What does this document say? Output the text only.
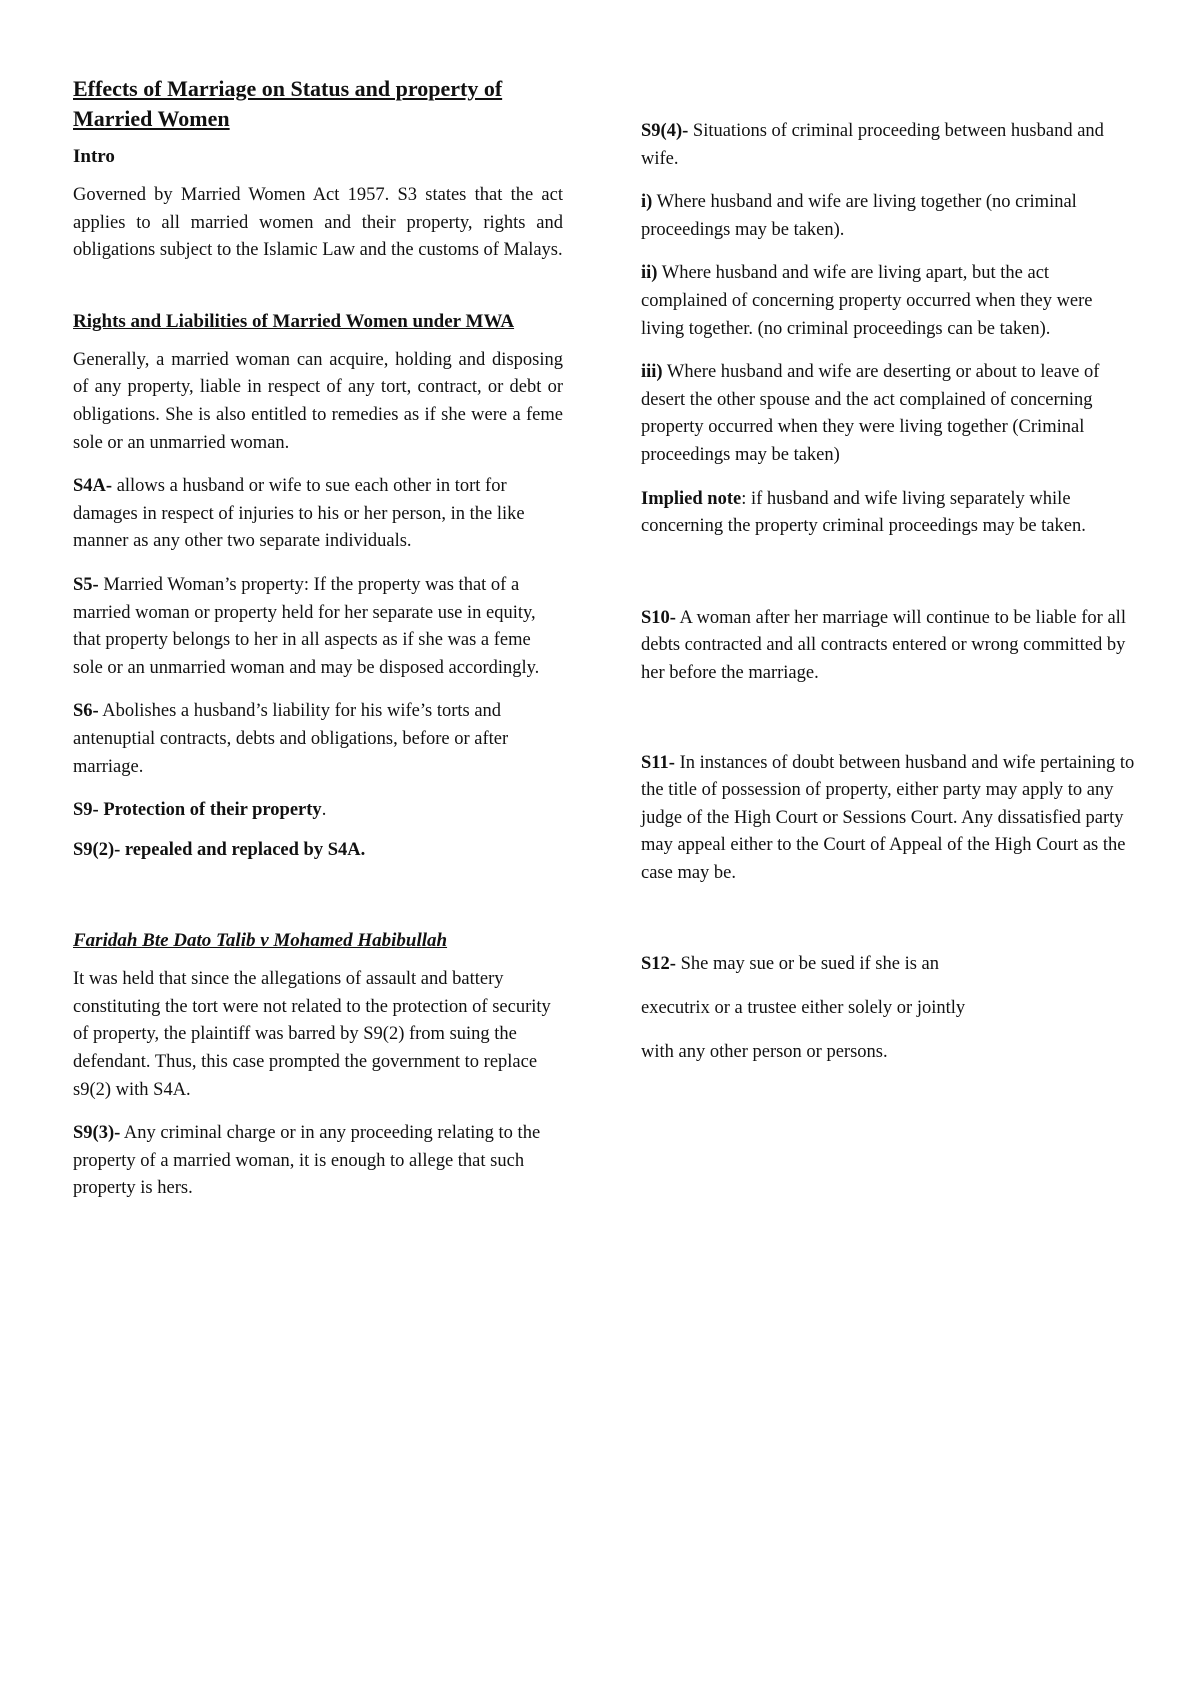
Effects of Marriage on Status and property of Married Women
Intro

Governed by Married Women Act 1957. S3 states that the act applies to all married women and their property, rights and obligations subject to the Islamic Law and the customs of Malays.

Rights and Liabilities of Married Women under MWA

Generally, a married woman can acquire, holding and disposing of any property, liable in respect of any tort, contract, or debt or obligations. She is also entitled to remedies as if she were a feme sole or an unmarried woman.

S4A- allows a husband or wife to sue each other in tort for damages in respect of injuries to his or her person, in the like manner as any other two separate individuals.

S5- Married Woman’s property: If the property was that of a married woman or property held for her separate use in equity, that property belongs to her in all aspects as if she was a feme sole or an unmarried woman and may be disposed accordingly.

S6- Abolishes a husband’s liability for his wife’s torts and antenuptial contracts, debts and obligations, before or after marriage.

S9- Protection of their property.

S9(2)- repealed and replaced by S4A.

Faridah Bte Dato Talib v Mohamed Habibullah

It was held that since the allegations of assault and battery constituting the tort were not related to the protection of security of property, the plaintiff was barred by S9(2) from suing the defendant. Thus, this case prompted the government to replace s9(2) with S4A.

S9(3)- Any criminal charge or in any proceeding relating to the property of a married woman, it is enough to allege that such property is hers.

S9(4)- Situations of criminal proceeding between husband and wife.

i) Where husband and wife are living together (no criminal proceedings may be taken).

ii) Where husband and wife are living apart, but the act complained of concerning property occurred when they were living together. (no criminal proceedings can be taken).

iii) Where husband and wife are deserting or about to leave of desert the other spouse and the act complained of concerning property occurred when they were living together (Criminal proceedings may be taken)

Implied note: if husband and wife living separately while concerning the property criminal proceedings may be taken.

S10- A woman after her marriage will continue to be liable for all debts contracted and all contracts entered or wrong committed by her before the marriage.

S11- In instances of doubt between husband and wife pertaining to the title of possession of property, either party may apply to any judge of the High Court or Sessions Court. Any dissatisfied party may appeal either to the Court of Appeal of the High Court as the case may be.

S12- She may sue or be sued if she is an

executrix or a trustee either solely or jointly

with any other person or persons.
